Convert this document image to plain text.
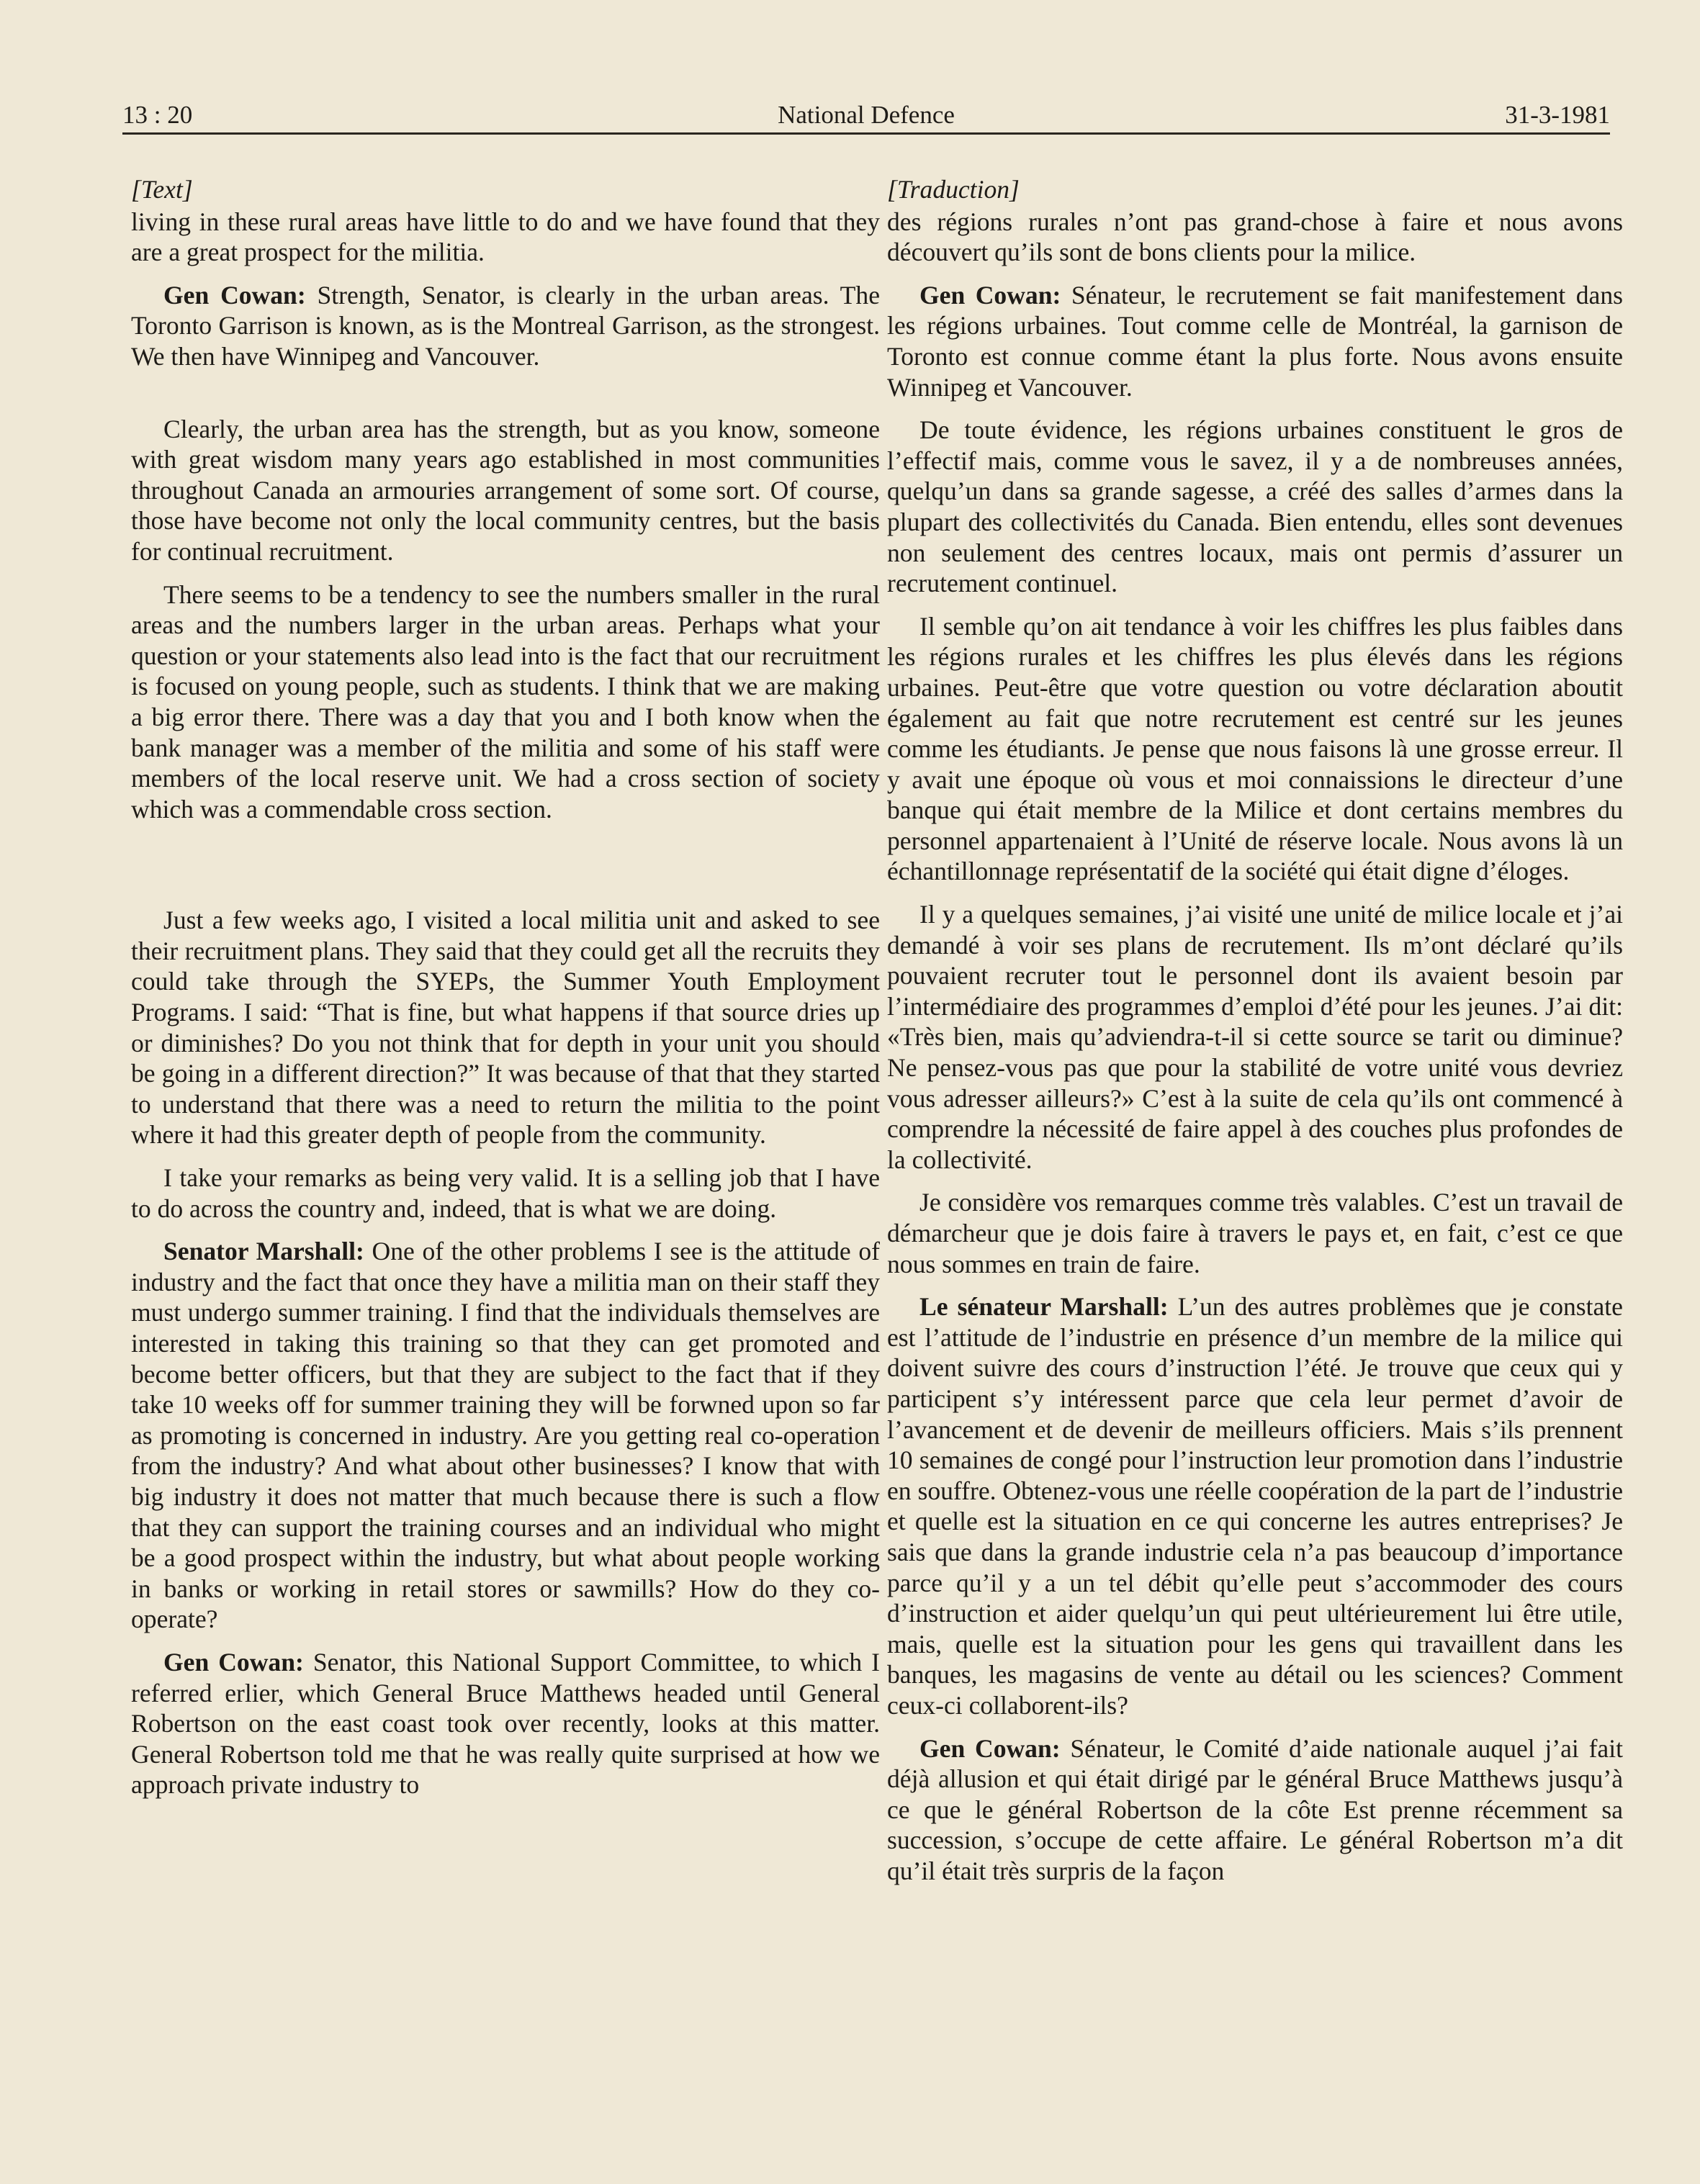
13 : 20	National Defence	31-3-1981

[Text]

living in these rural areas have little to do and we have found that they are a great prospect for the militia.

Gen Cowan: Strength, Senator, is clearly in the urban areas. The Toronto Garrison is known, as is the Montreal Garrison, as the strongest. We then have Winnipeg and Vancouver.

Clearly, the urban area has the strength, but as you know, someone with great wisdom many years ago established in most communities throughout Canada an armouries arrangement of some sort. Of course, those have become not only the local community centres, but the basis for continual recruitment.

There seems to be a tendency to see the numbers smaller in the rural areas and the numbers larger in the urban areas. Perhaps what your question or your statements also lead into is the fact that our recruitment is focused on young people, such as students. I think that we are making a big error there. There was a day that you and I both know when the bank manager was a member of the militia and some of his staff were members of the local reserve unit. We had a cross section of society which was a commendable cross section.

Just a few weeks ago, I visited a local militia unit and asked to see their recruitment plans. They said that they could get all the recruits they could take through the SYEPs, the Summer Youth Employment Programs. I said: “That is fine, but what happens if that source dries up or diminishes? Do you not think that for depth in your unit you should be going in a different direction?” It was because of that that they started to understand that there was a need to return the militia to the point where it had this greater depth of people from the community.

I take your remarks as being very valid. It is a selling job that I have to do across the country and, indeed, that is what we are doing.

Senator Marshall: One of the other problems I see is the attitude of industry and the fact that once they have a militia man on their staff they must undergo summer training. I find that the individuals themselves are interested in taking this training so that they can get promoted and become better officers, but that they are subject to the fact that if they take 10 weeks off for summer training they will be forwned upon so far as promoting is concerned in industry. Are you getting real co-operation from the industry? And what about other businesses? I know that with big industry it does not matter that much because there is such a flow that they can support the training courses and an individual who might be a good prospect within the industry, but what about people working in banks or working in retail stores or sawmills? How do they co-operate?

Gen Cowan: Senator, this National Support Committee, to which I referred erlier, which General Bruce Matthews headed until General Robertson on the east coast took over recently, looks at this matter. General Robertson told me that he was really quite surprised at how we approach private industry to

[Traduction]

des régions rurales n’ont pas grand-chose à faire et nous avons découvert qu’ils sont de bons clients pour la milice.

Gen Cowan: Sénateur, le recrutement se fait manifestement dans les régions urbaines. Tout comme celle de Montréal, la garnison de Toronto est connue comme étant la plus forte. Nous avons ensuite Winnipeg et Vancouver.

De toute évidence, les régions urbaines constituent le gros de l’effectif mais, comme vous le savez, il y a de nombreuses années, quelqu’un dans sa grande sagesse, a créé des salles d’armes dans la plupart des collectivités du Canada. Bien entendu, elles sont devenues non seulement des centres locaux, mais ont permis d’assurer un recrutement continuel.

Il semble qu’on ait tendance à voir les chiffres les plus faibles dans les régions rurales et les chiffres les plus élevés dans les régions urbaines. Peut-être que votre question ou votre déclaration aboutit également au fait que notre recrutement est centré sur les jeunes comme les étudiants. Je pense que nous faisons là une grosse erreur. Il y avait une époque où vous et moi connaissions le directeur d’une banque qui était membre de la Milice et dont certains membres du personnel appartenaient à l’Unité de réserve locale. Nous avons là un échantillonnage représentatif de la société qui était digne d’éloges.

Il y a quelques semaines, j’ai visité une unité de milice locale et j’ai demandé à voir ses plans de recrutement. Ils m’ont déclaré qu’ils pouvaient recruter tout le personnel dont ils avaient besoin par l’intermédiaire des programmes d’emploi d’été pour les jeunes. J’ai dit: «Très bien, mais qu’adviendra-t-il si cette source se tarit ou diminue? Ne pensez-vous pas que pour la stabilité de votre unité vous devriez vous adresser ailleurs?» C’est à la suite de cela qu’ils ont commencé à comprendre la nécessité de faire appel à des couches plus profondes de la collectivité.

Je considère vos remarques comme très valables. C’est un travail de démarcheur que je dois faire à travers le pays et, en fait, c’est ce que nous sommes en train de faire.

Le sénateur Marshall: L’un des autres problèmes que je constate est l’attitude de l’industrie en présence d’un membre de la milice qui doivent suivre des cours d’instruction l’été. Je trouve que ceux qui y participent s’y intéressent parce que cela leur permet d’avoir de l’avancement et de devenir de meilleurs officiers. Mais s’ils prennent 10 semaines de congé pour l’instruction leur promotion dans l’industrie en souffre. Obtenez-vous une réelle coopération de la part de l’industrie et quelle est la situation en ce qui concerne les autres entreprises? Je sais que dans la grande industrie cela n’a pas beaucoup d’importance parce qu’il y a un tel débit qu’elle peut s’accommoder des cours d’instruction et aider quelqu’un qui peut ultérieurement lui être utile, mais, quelle est la situation pour les gens qui travaillent dans les banques, les magasins de vente au détail ou les sciences? Comment ceux-ci collaborent-ils?

Gen Cowan: Sénateur, le Comité d’aide nationale auquel j’ai fait déjà allusion et qui était dirigé par le général Bruce Matthews jusqu’à ce que le général Robertson de la côte Est prenne récemment sa succession, s’occupe de cette affaire. Le général Robertson m’a dit qu’il était très surpris de la façon
